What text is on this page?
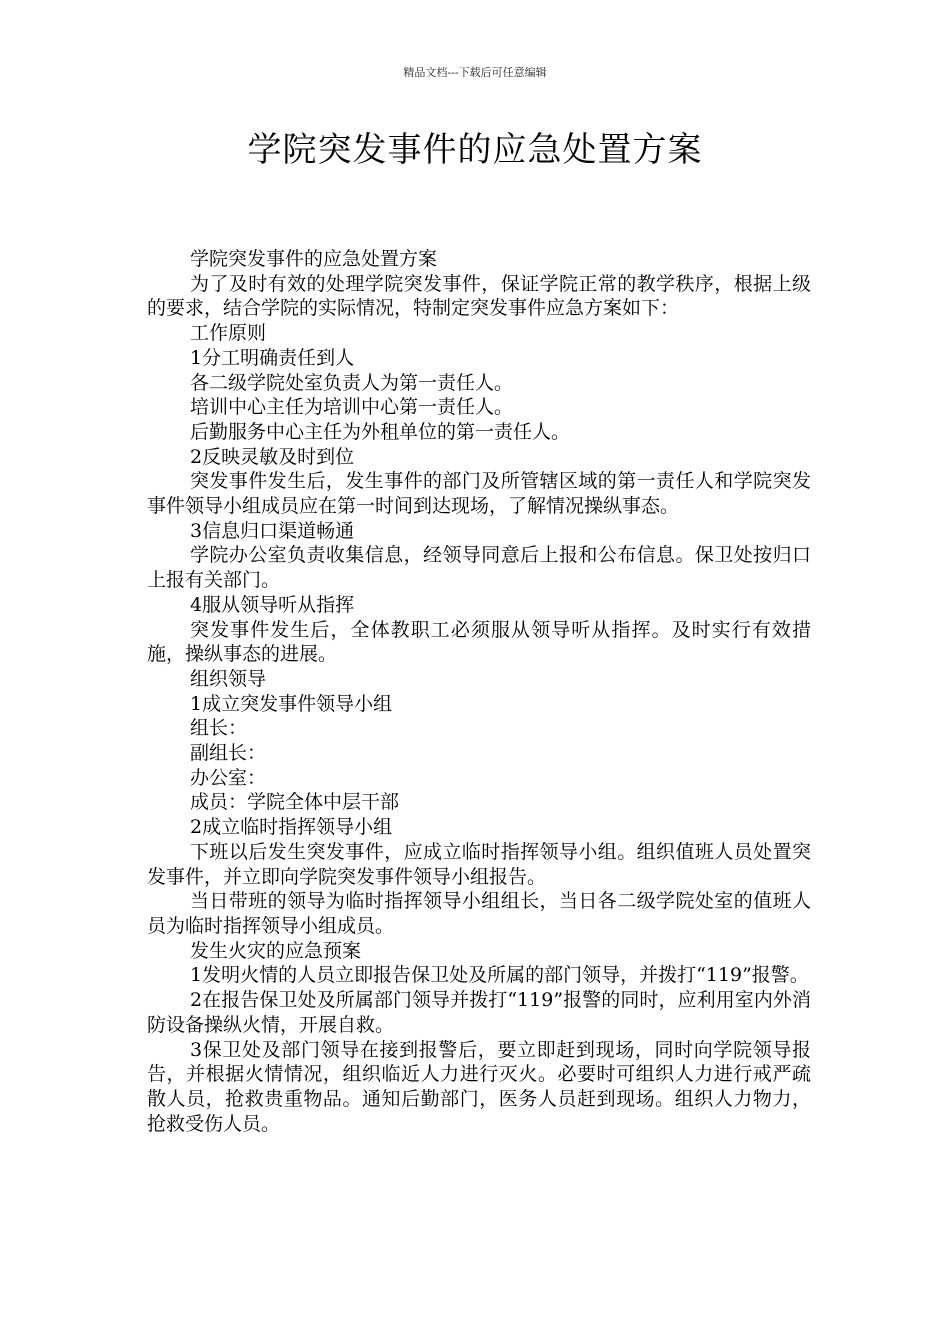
精品文档---下载后可任意编辑
学院突发事件的应急处置方案

学院突发事件的应急处置方案

为了及时有效的处理学院突发事件，保证学院正常的教学秩序，根据上级的要求，结合学院的实际情况，特制定突发事件应急方案如下：

工作原则

1分工明确责任到人

各二级学院处室负责人为第一责任人。

培训中心主任为培训中心第一责任人。

后勤服务中心主任为外租单位的第一责任人。

2反映灵敏及时到位

突发事件发生后，发生事件的部门及所管辖区域的第一责任人和学院突发事件领导小组成员应在第一时间到达现场，了解情况操纵事态。

3信息归口渠道畅通

学院办公室负责收集信息，经领导同意后上报和公布信息。保卫处按归口上报有关部门。

4服从领导听从指挥

突发事件发生后，全体教职工必须服从领导听从指挥。及时实行有效措施，操纵事态的进展。

组织领导

1成立突发事件领导小组

组长：

副组长：

办公室：

成员：学院全体中层干部

2成立临时指挥领导小组

下班以后发生突发事件，应成立临时指挥领导小组。组织值班人员处置突发事件，并立即向学院突发事件领导小组报告。

当日带班的领导为临时指挥领导小组组长，当日各二级学院处室的值班人员为临时指挥领导小组成员。

发生火灾的应急预案

1发明火情的人员立即报告保卫处及所属的部门领导，并拨打“119”报警。

2在报告保卫处及所属部门领导并拨打“119”报警的同时，应利用室内外消防设备操纵火情，开展自救。

3保卫处及部门领导在接到报警后，要立即赶到现场，同时向学院领导报告，并根据火情情况，组织临近人力进行灭火。必要时可组织人力进行戒严疏散人员，抢救贵重物品。通知后勤部门，医务人员赶到现场。组织人力物力，抢救受伤人员。
